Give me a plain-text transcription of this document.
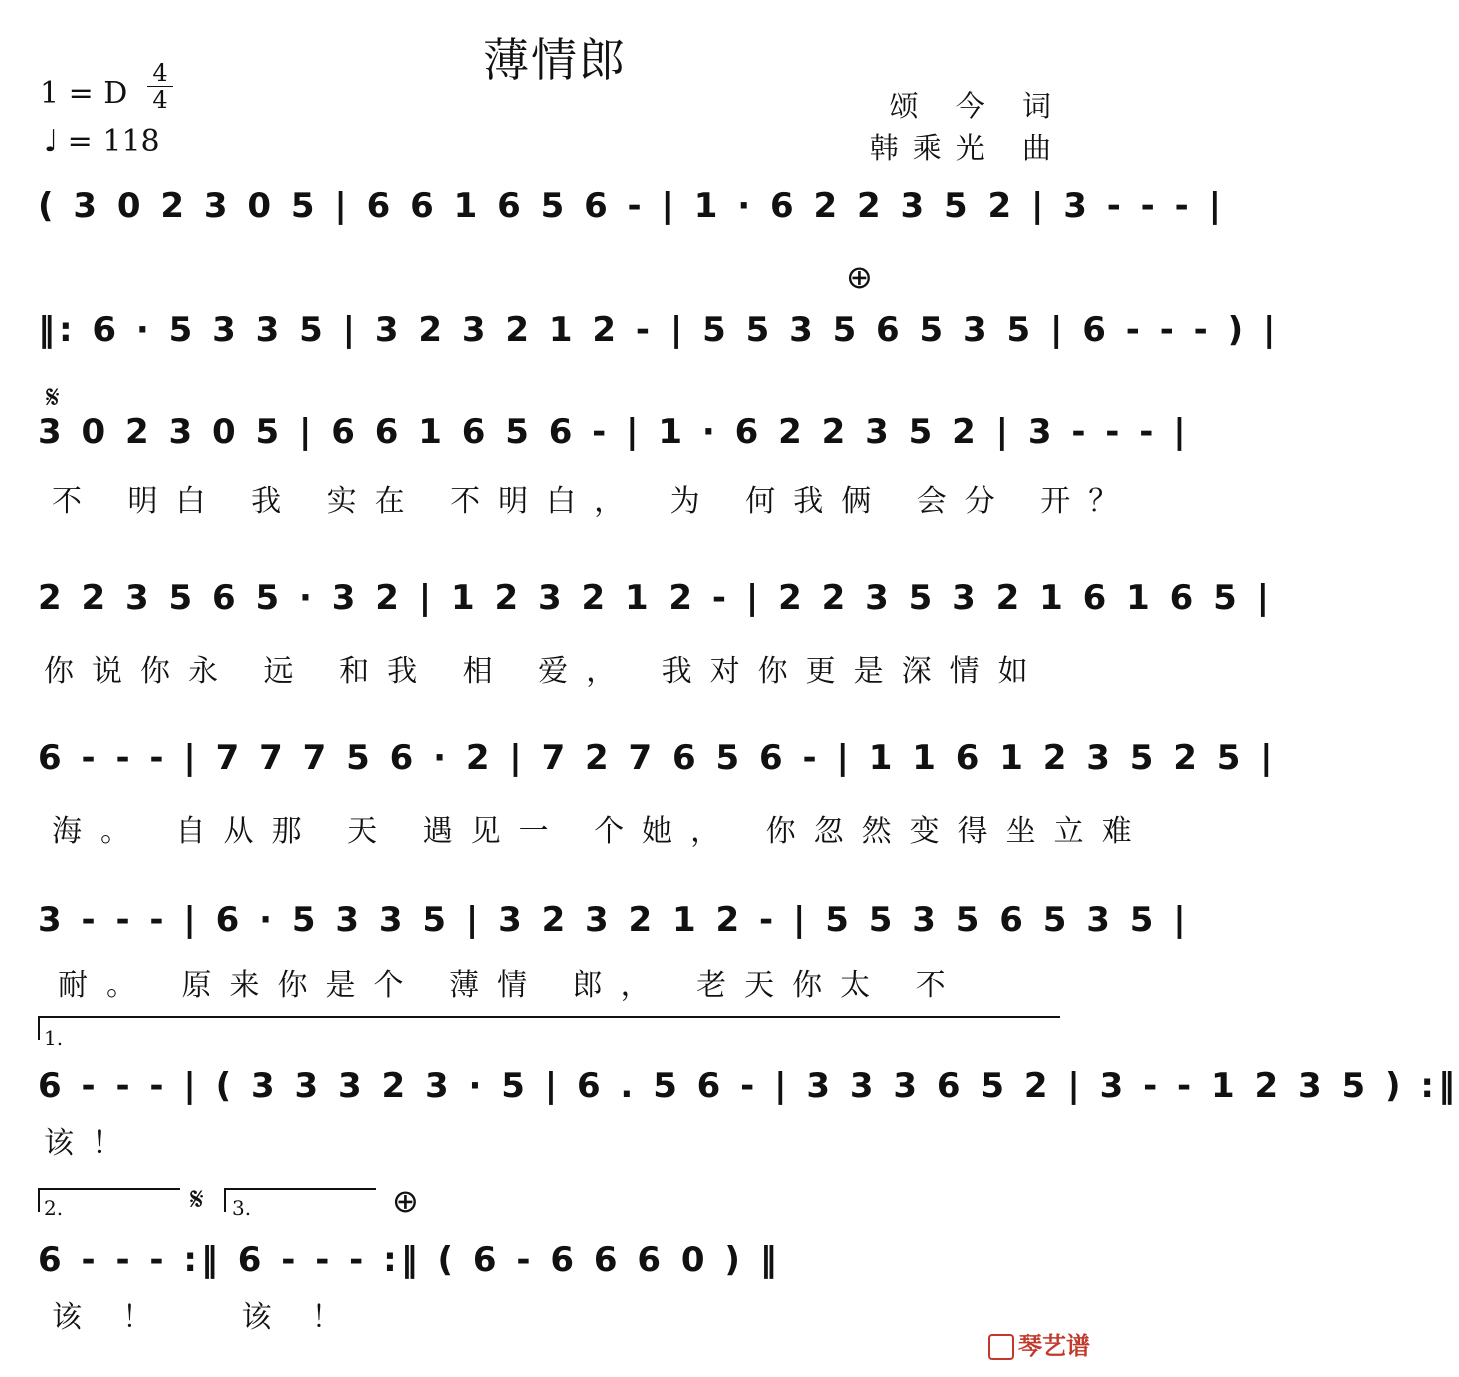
薄情郎
1 = D
4
4
♩ = 118
颂 今 词
韩乘光 曲
( 3 0 2 3 0 5 | 6 6 1 6 5 6 - | 1 · 6 2 2 3 5 2 | 3 - - - |
⊕
‖: 6 · 5 3 3 5 | 3 2 3 2 1 2 - | 5 5 3 5 6 5 3 5 | 6 - - - ) |
𝄋
3 0 2 3 0 5 | 6 6 1 6 5 6 - | 1 · 6 2 2 3 5 2 | 3 - - - |
不 明白 我 实在 不明白， 为 何我俩 会分 开？
2 2 3 5 6 5 · 3 2 | 1 2 3 2 1 2 - | 2 2 3 5 3 2 1 6 1 6 5 |
你说你永 远 和我 相 爱， 我对你更是深情如
6 - - - | 7 7 7 5 6 · 2 | 7 2 7 6 5 6 - | 1 1 6 1 2 3 5 2 5 |
海。 自从那 天 遇见一 个她， 你忽然变得坐立难
3 - - - | 6 · 5 3 3 5 | 3 2 3 2 1 2 - | 5 5 3 5 6 5 3 5 |
耐。 原来你是个 薄情 郎， 老天你太 不
1.
6 - - - | ( 3 3 3 2 3 · 5 | 6 . 5 6 - | 3 3 3 6 5 2 | 3 - - 1 2 3 5 ) :‖
该！
2.	𝄋 3.	⊕
6 - - - :‖ 6 - - - :‖ ( 6 - 6 6 6 0 ) ‖
该！ 该！
琴艺谱
